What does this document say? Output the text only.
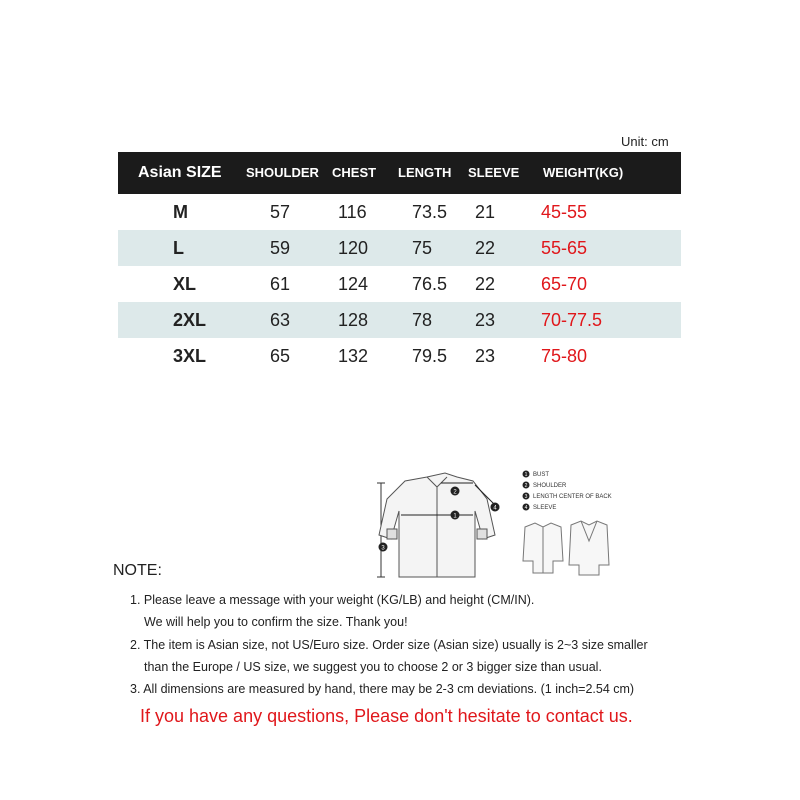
Unit: cm
Asian SIZE SHOULDER CHEST LENGTH SLEEVE WEIGHT(KG)
M	57	116	73.5 21	45-55
L	59	120 75 22	55-65
XL	61	124 76.5 22	65-70
2XL	63	128 78 23	70-77.5
3XL	65	132 79.5 23	75-80
3
1
2
4
1 BUST
2 SHOULDER
3 LENGTH CENTER OF BACK
4 SLEEVE
NOTE:
1. Please leave a message with your weight (KG/LB) and height (CM/IN).
We will help you to confirm the size. Thank you!
2. The item is Asian size, not US/Euro size. Order size (Asian size) usually is 2~3 size smaller
than the Europe / US size, we suggest you to choose 2 or 3 bigger size than usual.
3. All dimensions are measured by hand, there may be 2-3 cm deviations. (1 inch=2.54 cm)
If you have any questions, Please don't hesitate to contact us.
